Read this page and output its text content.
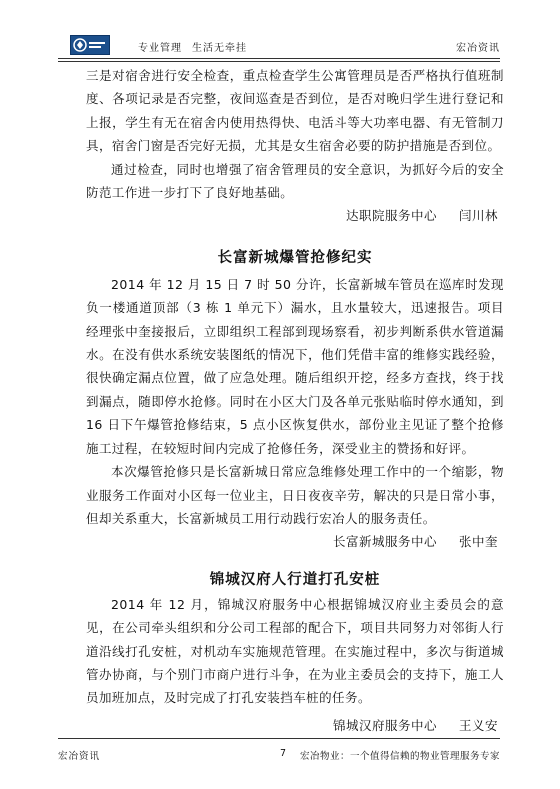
专业管理 生活无牵挂	宏冶资讯

三是对宿舍进行安全检查，重点检查学生公寓管理员是否严格执行值班制度、各项记录是否完整，夜间巡查是否到位，是否对晚归学生进行登记和上报，学生有无在宿舍内使用热得快、电活斗等大功率电器、有无管制刀具，宿舍门窗是否完好无损，尤其是女生宿舍必要的防护措施是否到位。

通过检查，同时也增强了宿舍管理员的安全意识，为抓好今后的安全防范工作进一步打下了良好地基础。

达职院服务中心 闫川林
长富新城爆管抢修纪实

2014 年 12 月 15 日 7 时 50 分许，长富新城车管员在巡库时发现负一楼通道顶部（3 栋 1 单元下）漏水，且水量较大，迅速报告。项目经理张中奎接报后，立即组织工程部到现场察看，初步判断系供水管道漏水。在没有供水系统安装图纸的情况下，他们凭借丰富的维修实践经验，很快确定漏点位置，做了应急处理。随后组织开挖，经多方查找，终于找到漏点，随即停水抢修。同时在小区大门及各单元张贴临时停水通知，到 16 日下午爆管抢修结束，5 点小区恢复供水，部份业主见证了整个抢修施工过程，在较短时间内完成了抢修任务，深受业主的赞扬和好评。

本次爆管抢修只是长富新城日常应急维修处理工作中的一个缩影，物业服务工作面对小区每一位业主，日日夜夜辛劳，解决的只是日常小事，但却关系重大，长富新城员工用行动践行宏冶人的服务责任。

长富新城服务中心 张中奎
锦城汉府人行道打孔安桩

2014 年 12 月，锦城汉府服务中心根据锦城汉府业主委员会的意见，在公司牵头组织和分公司工程部的配合下，项目共同努力对邻街人行道沿线打孔安桩，对机动车实施规范管理。在实施过程中，多次与街道城管办协商，与个别门市商户进行斗争，在为业主委员会的支持下，施工人员加班加点，及时完成了打孔安装挡车桩的任务。

锦城汉府服务中心 王义安
宏冶资讯	7 宏冶物业：一个值得信赖的物业管理服务专家
